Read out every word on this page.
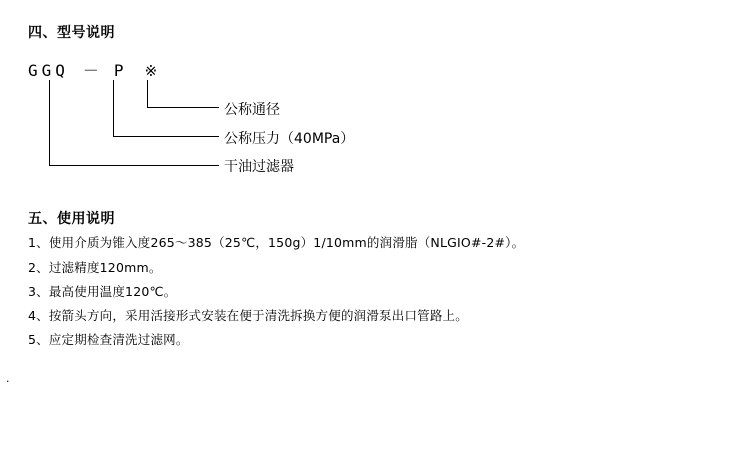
四、型号说明
GGQ － P ※
公称通径
公称压力（40MPa）
干油过滤器
五、使用说明
1、使用介质为锥入度265～385（25℃，150g）1/10mm的润滑脂（NLGIO#-2#）。
2、过滤精度120mm。
3、最高使用温度120℃。
4、按箭头方向，采用活接形式安装在便于清洗拆换方便的润滑泵出口管路上。
5、应定期检查清洗过滤网。
.
